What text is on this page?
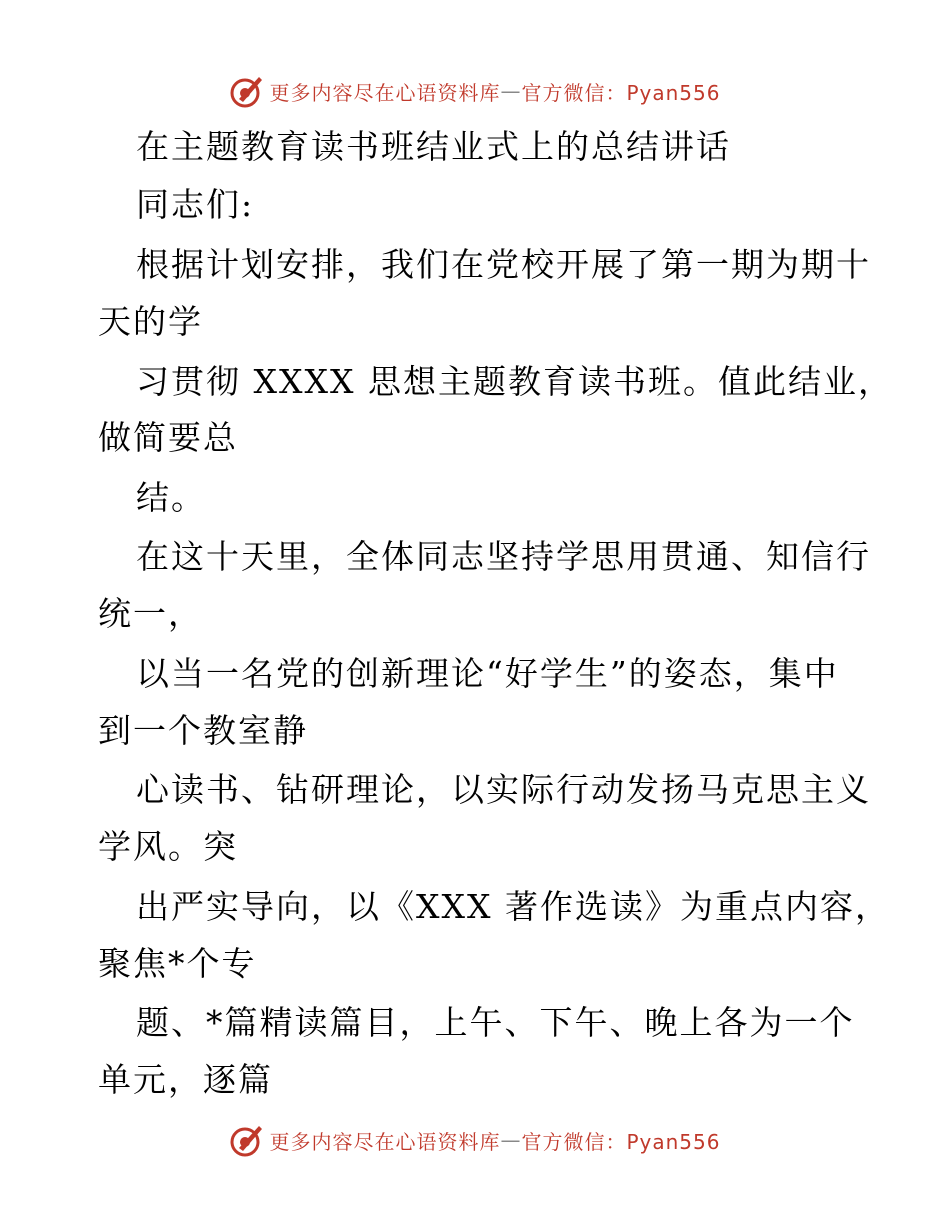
更多内容尽在心语资料库 — 官方微信：Pyan556
在主题教育读书班结业式上的总结讲话
同志们:
根据计划安排，我们在党校开展了第一期为期十
天的学
习贯彻 XXXX 思想主题教育读书班。值此结业，
做简要总
结。
在这十天里，全体同志坚持学思用贯通、知信行
统一，
以当一名党的创新理论“好学生”的姿态，集中
到一个教室静
心读书、钻研理论，以实际行动发扬马克思主义
学风。突
出严实导向，以《XXX 著作选读》为重点内容，
聚焦*个专
题、*篇精读篇目，上午、下午、晚上各为一个
单元，逐篇
更多内容尽在心语资料库 — 官方微信：Pyan556
